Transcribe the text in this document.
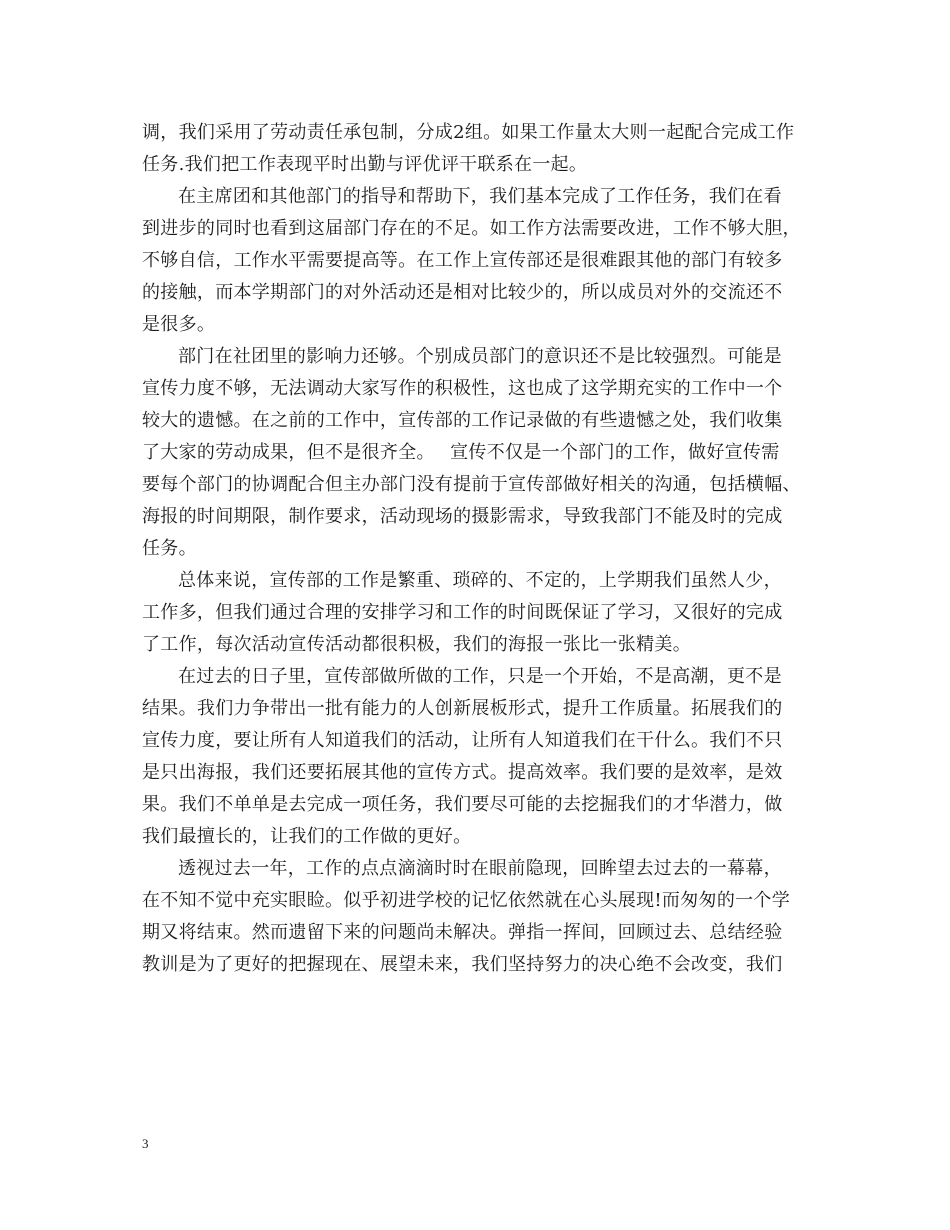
调，我们采用了劳动责任承包制，分成2组。如果工作量太大则一起配合完成工作
任务.我们把工作表现平时出勤与评优评干联系在一起。
在主席团和其他部门的指导和帮助下，我们基本完成了工作任务，我们在看
到进步的同时也看到这届部门存在的不足。如工作方法需要改进，工作不够大胆，
不够自信，工作水平需要提高等。在工作上宣传部还是很难跟其他的部门有较多
的接触，而本学期部门的对外活动还是相对比较少的，所以成员对外的交流还不
是很多。
部门在社团里的影响力还够。个别成员部门的意识还不是比较强烈。可能是
宣传力度不够，无法调动大家写作的积极性，这也成了这学期充实的工作中一个
较大的遗憾。在之前的工作中，宣传部的工作记录做的有些遗憾之处，我们收集
了大家的劳动成果，但不是很齐全。　 宣传不仅是一个部门的工作，做好宣传需
要每个部门的协调配合但主办部门没有提前于宣传部做好相关的沟通，包括横幅、
海报的时间期限，制作要求，活动现场的摄影需求，导致我部门不能及时的完成
任务。
总体来说，宣传部的工作是繁重、琐碎的、不定的，上学期我们虽然人少，
工作多，但我们通过合理的安排学习和工作的时间既保证了学习，又很好的完成
了工作，每次活动宣传活动都很积极，我们的海报一张比一张精美。
在过去的日子里，宣传部做所做的工作，只是一个开始，不是高潮，更不是
结果。我们力争带出一批有能力的人创新展板形式，提升工作质量。拓展我们的
宣传力度，要让所有人知道我们的活动，让所有人知道我们在干什么。我们不只
是只出海报，我们还要拓展其他的宣传方式。提高效率。我们要的是效率，是效
果。我们不单单是去完成一项任务，我们要尽可能的去挖掘我们的才华潜力，做
我们最擅长的，让我们的工作做的更好。
透视过去一年，工作的点点滴滴时时在眼前隐现，回眸望去过去的一幕幕，
在不知不觉中充实眼睑。似乎初进学校的记忆依然就在心头展现!而匆匆的一个学
期又将结束。然而遗留下来的问题尚未解决。弹指一挥间，回顾过去、总结经验
教训是为了更好的把握现在、展望未来，我们坚持努力的决心绝不会改变，我们
3
